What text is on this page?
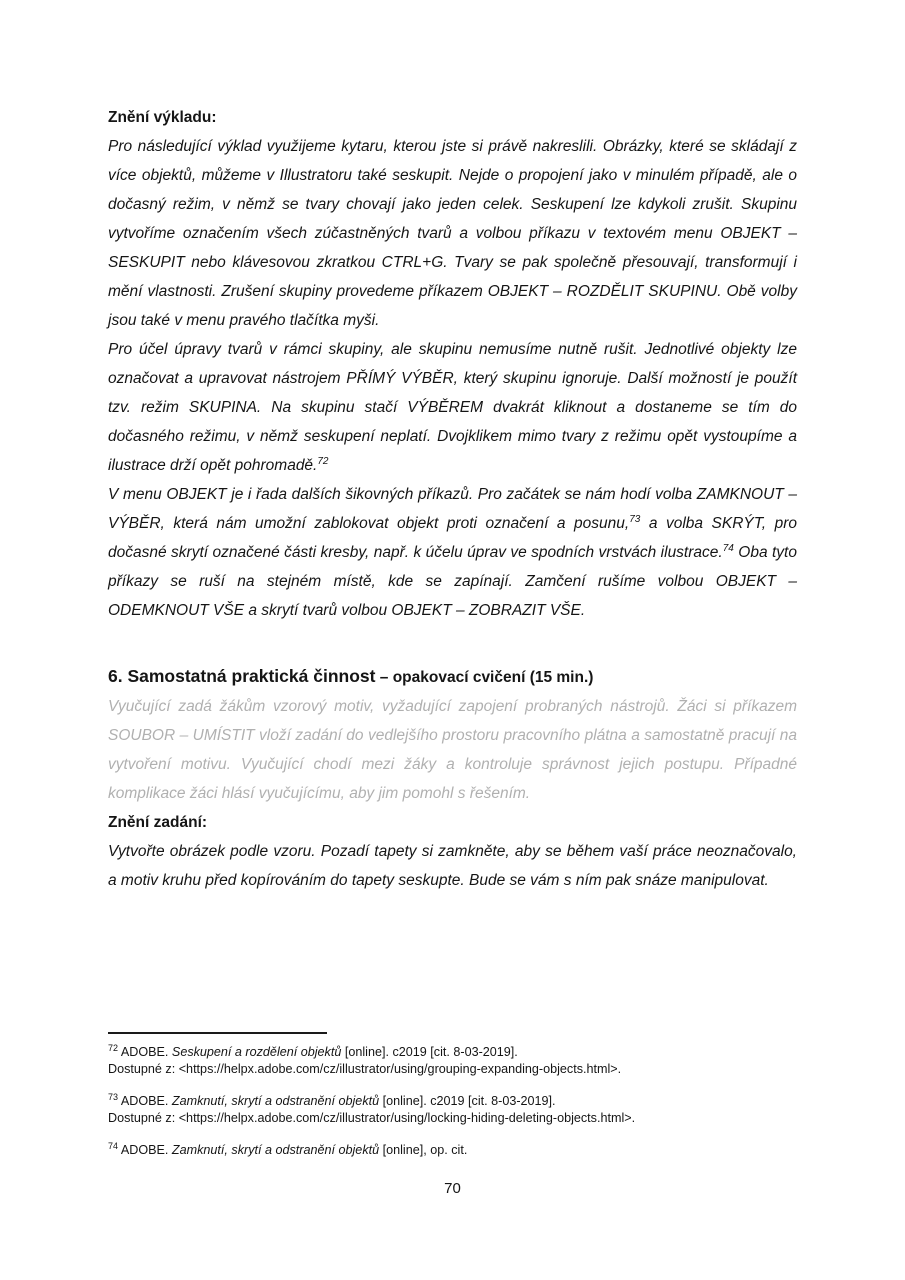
Znění výkladu:

Pro následující výklad využijeme kytaru, kterou jste si právě nakreslili. Obrázky, které se skládají z více objektů, můžeme v Illustratoru také seskupit. Nejde o propojení jako v minulém případě, ale o dočasný režim, v němž se tvary chovají jako jeden celek. Seskupení lze kdykoli zrušit. Skupinu vytvoříme označením všech zúčastněných tvarů a volbou příkazu v textovém menu OBJEKT – SESKUPIT nebo klávesovou zkratkou CTRL+G. Tvary se pak společně přesouvají, transformují i mění vlastnosti. Zrušení skupiny provedeme příkazem OBJEKT – ROZDĚLIT SKUPINU. Obě volby jsou také v menu pravého tlačítka myši.

Pro účel úpravy tvarů v rámci skupiny, ale skupinu nemusíme nutně rušit. Jednotlivé objekty lze označovat a upravovat nástrojem PŘÍMÝ VÝBĚR, který skupinu ignoruje. Další možností je použít tzv. režim SKUPINA. Na skupinu stačí VÝBĚREM dvakrát kliknout a dostaneme se tím do dočasného režimu, v němž seskupení neplatí. Dvojklikem mimo tvary z režimu opět vystoupíme a ilustrace drží opět pohromadě.$^{72}$

V menu OBJEKT je i řada dalších šikovných příkazů. Pro začátek se nám hodí volba ZAMKNOUT – VÝBĚR, která nám umožní zablokovat objekt proti označení a posunu,$^{73}$ a volba SKRÝT, pro dočasné skrytí označené části kresby, např. k účelu úprav ve spodních vrstvách ilustrace.$^{74}$ Oba tyto příkazy se ruší na stejném místě, kde se zapínají. Zamčení rušíme volbou OBJEKT – ODEMKNOUT VŠE a skrytí tvarů volbou OBJEKT – ZOBRAZIT VŠE.

6. Samostatná praktická činnost – opakovací cvičení (15 min.)

Vyučující zadá žákům vzorový motiv, vyžadující zapojení probraných nástrojů. Žáci si příkazem SOUBOR – UMÍSTIT vloží zadání do vedlejšího prostoru pracovního plátna a samostatně pracují na vytvoření motivu. Vyučující chodí mezi žáky a kontroluje správnost jejich postupu. Případné komplikace žáci hlásí vyučujícímu, aby jim pomohl s řešením.

Znění zadání:

Vytvořte obrázek podle vzoru. Pozadí tapety si zamkněte, aby se během vaší práce neoznačovalo, a motiv kruhu před kopírováním do tapety seskupte. Bude se vám s ním pak snáze manipulovat.

$^{72}$ ADOBE. Seskupení a rozdělení objektů [online]. c2019 [cit. 8-03-2019].
Dostupné z: <https://helpx.adobe.com/cz/illustrator/using/grouping-expanding-objects.html>.
$^{73}$ ADOBE. Zamknutí, skrytí a odstranění objektů [online]. c2019 [cit. 8-03-2019].
Dostupné z: <https://helpx.adobe.com/cz/illustrator/using/locking-hiding-deleting-objects.html>.
$^{74}$ ADOBE. Zamknutí, skrytí a odstranění objektů [online], op. cit.
70
